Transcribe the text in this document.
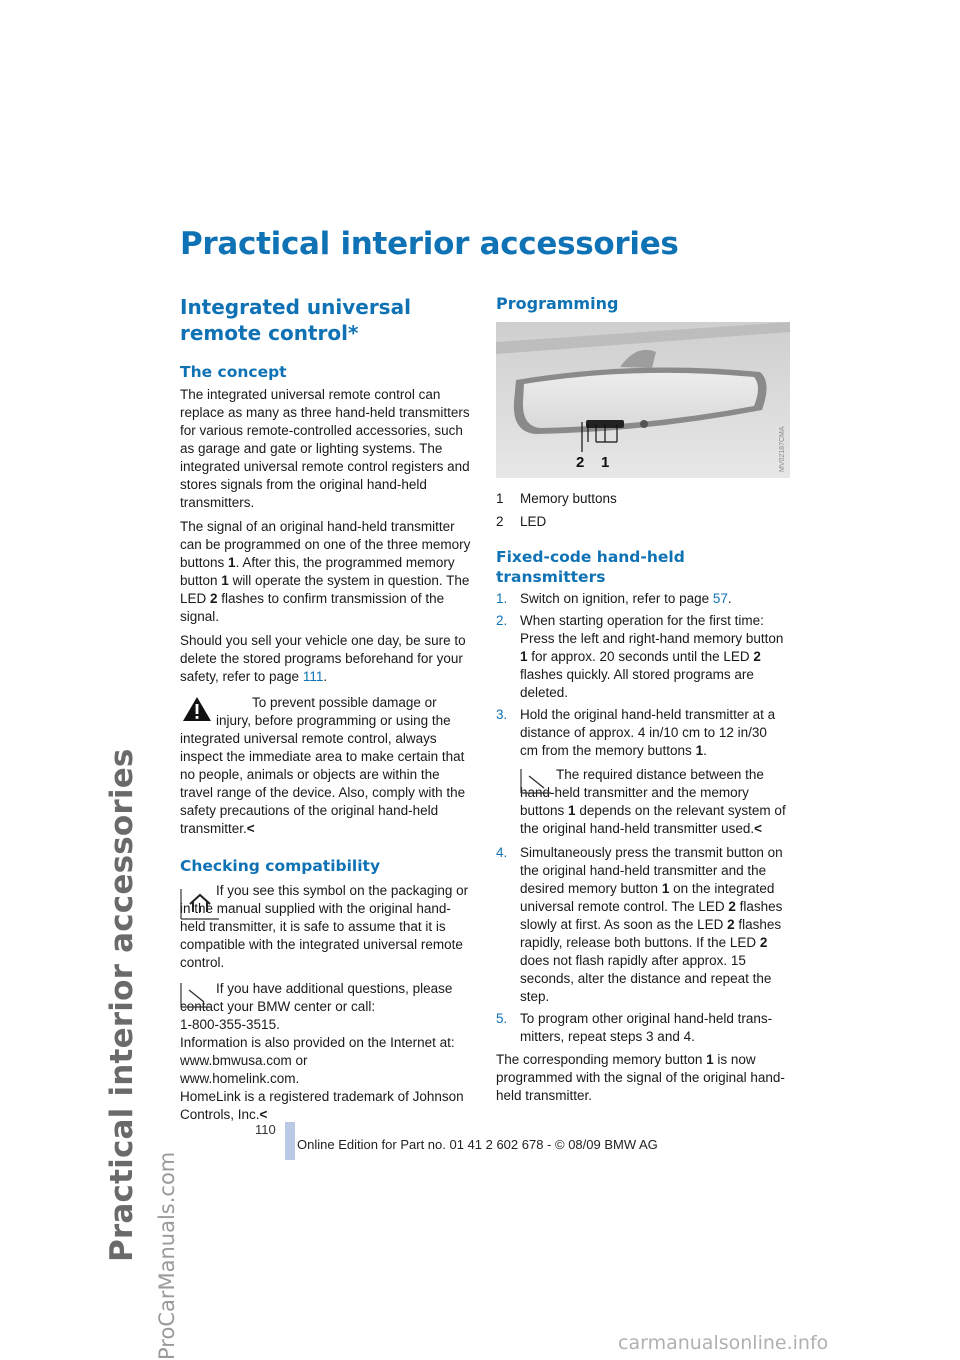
Practical interior accessories ProCarManuals.com
Practical interior accessories
Integrated universal remote control*
The concept

The integrated universal remote control can replace as many as three hand-held transmitters for various remote-controlled accessories, such as garage and gate or lighting systems. The integrated universal remote control registers and stores signals from the original hand-held transmitters.

The signal of an original hand-held transmitter can be programmed on one of the three memory buttons 1. After this, the programmed memory button 1 will operate the system in question. The LED 2 flashes to confirm transmission of the signal.

Should you sell your vehicle one day, be sure to delete the stored programs beforehand for your safety, refer to page 111.

To prevent possible damage or injury, before programming or using the integrated universal remote control, always inspect the immediate area to make certain that no people, animals or objects are within the travel range of the device. Also, comply with the safety precautions of the original hand-held transmitter.<

Checking compatibility

If you see this symbol on the packaging or in the manual supplied with the original hand-held transmitter, it is safe to assume that it is compatible with the integrated universal remote control.

If you have additional questions, please contact your BMW center or call:

1-800-355-3515.

Information is also provided on the Internet at:

www.bmwusa.com or

www.homelink.com.

HomeLink is a registered trademark of Johnson Controls, Inc.<

Programming
2 1	MV02187CMA
1 Memory buttons
2 LED
Fixed-code hand-held transmitters
1. Switch on ignition, refer to page 57.
2. When starting operation for the first time: Press the left and right-hand memory button 1 for approx. 20 seconds until the LED 2 flashes quickly. All stored programs are deleted.
3. Hold the original hand-held transmitter at a distance of approx. 4 in/10 cm to 12 in/30 cm from the memory buttons 1.

The required distance between the hand-held transmitter and the memory buttons 1 depends on the relevant system of the original hand-held transmitter used.<

4. Simultaneously press the transmit button on the original hand-held transmitter and the desired memory button 1 on the integrated universal remote control. The LED 2 flashes slowly at first. As soon as the LED 2 flashes rapidly, release both buttons. If the LED 2 does not flash rapidly after approx. 15 seconds, alter the distance and repeat the step.
5. To program other original hand-held transmitters, repeat steps 3 and 4.

The corresponding memory button 1 is now programmed with the signal of the original hand-held transmitter.

110
Online Edition for Part no. 01 41 2 602 678 - © 08/09 BMW AG
carmanualsonline.info
